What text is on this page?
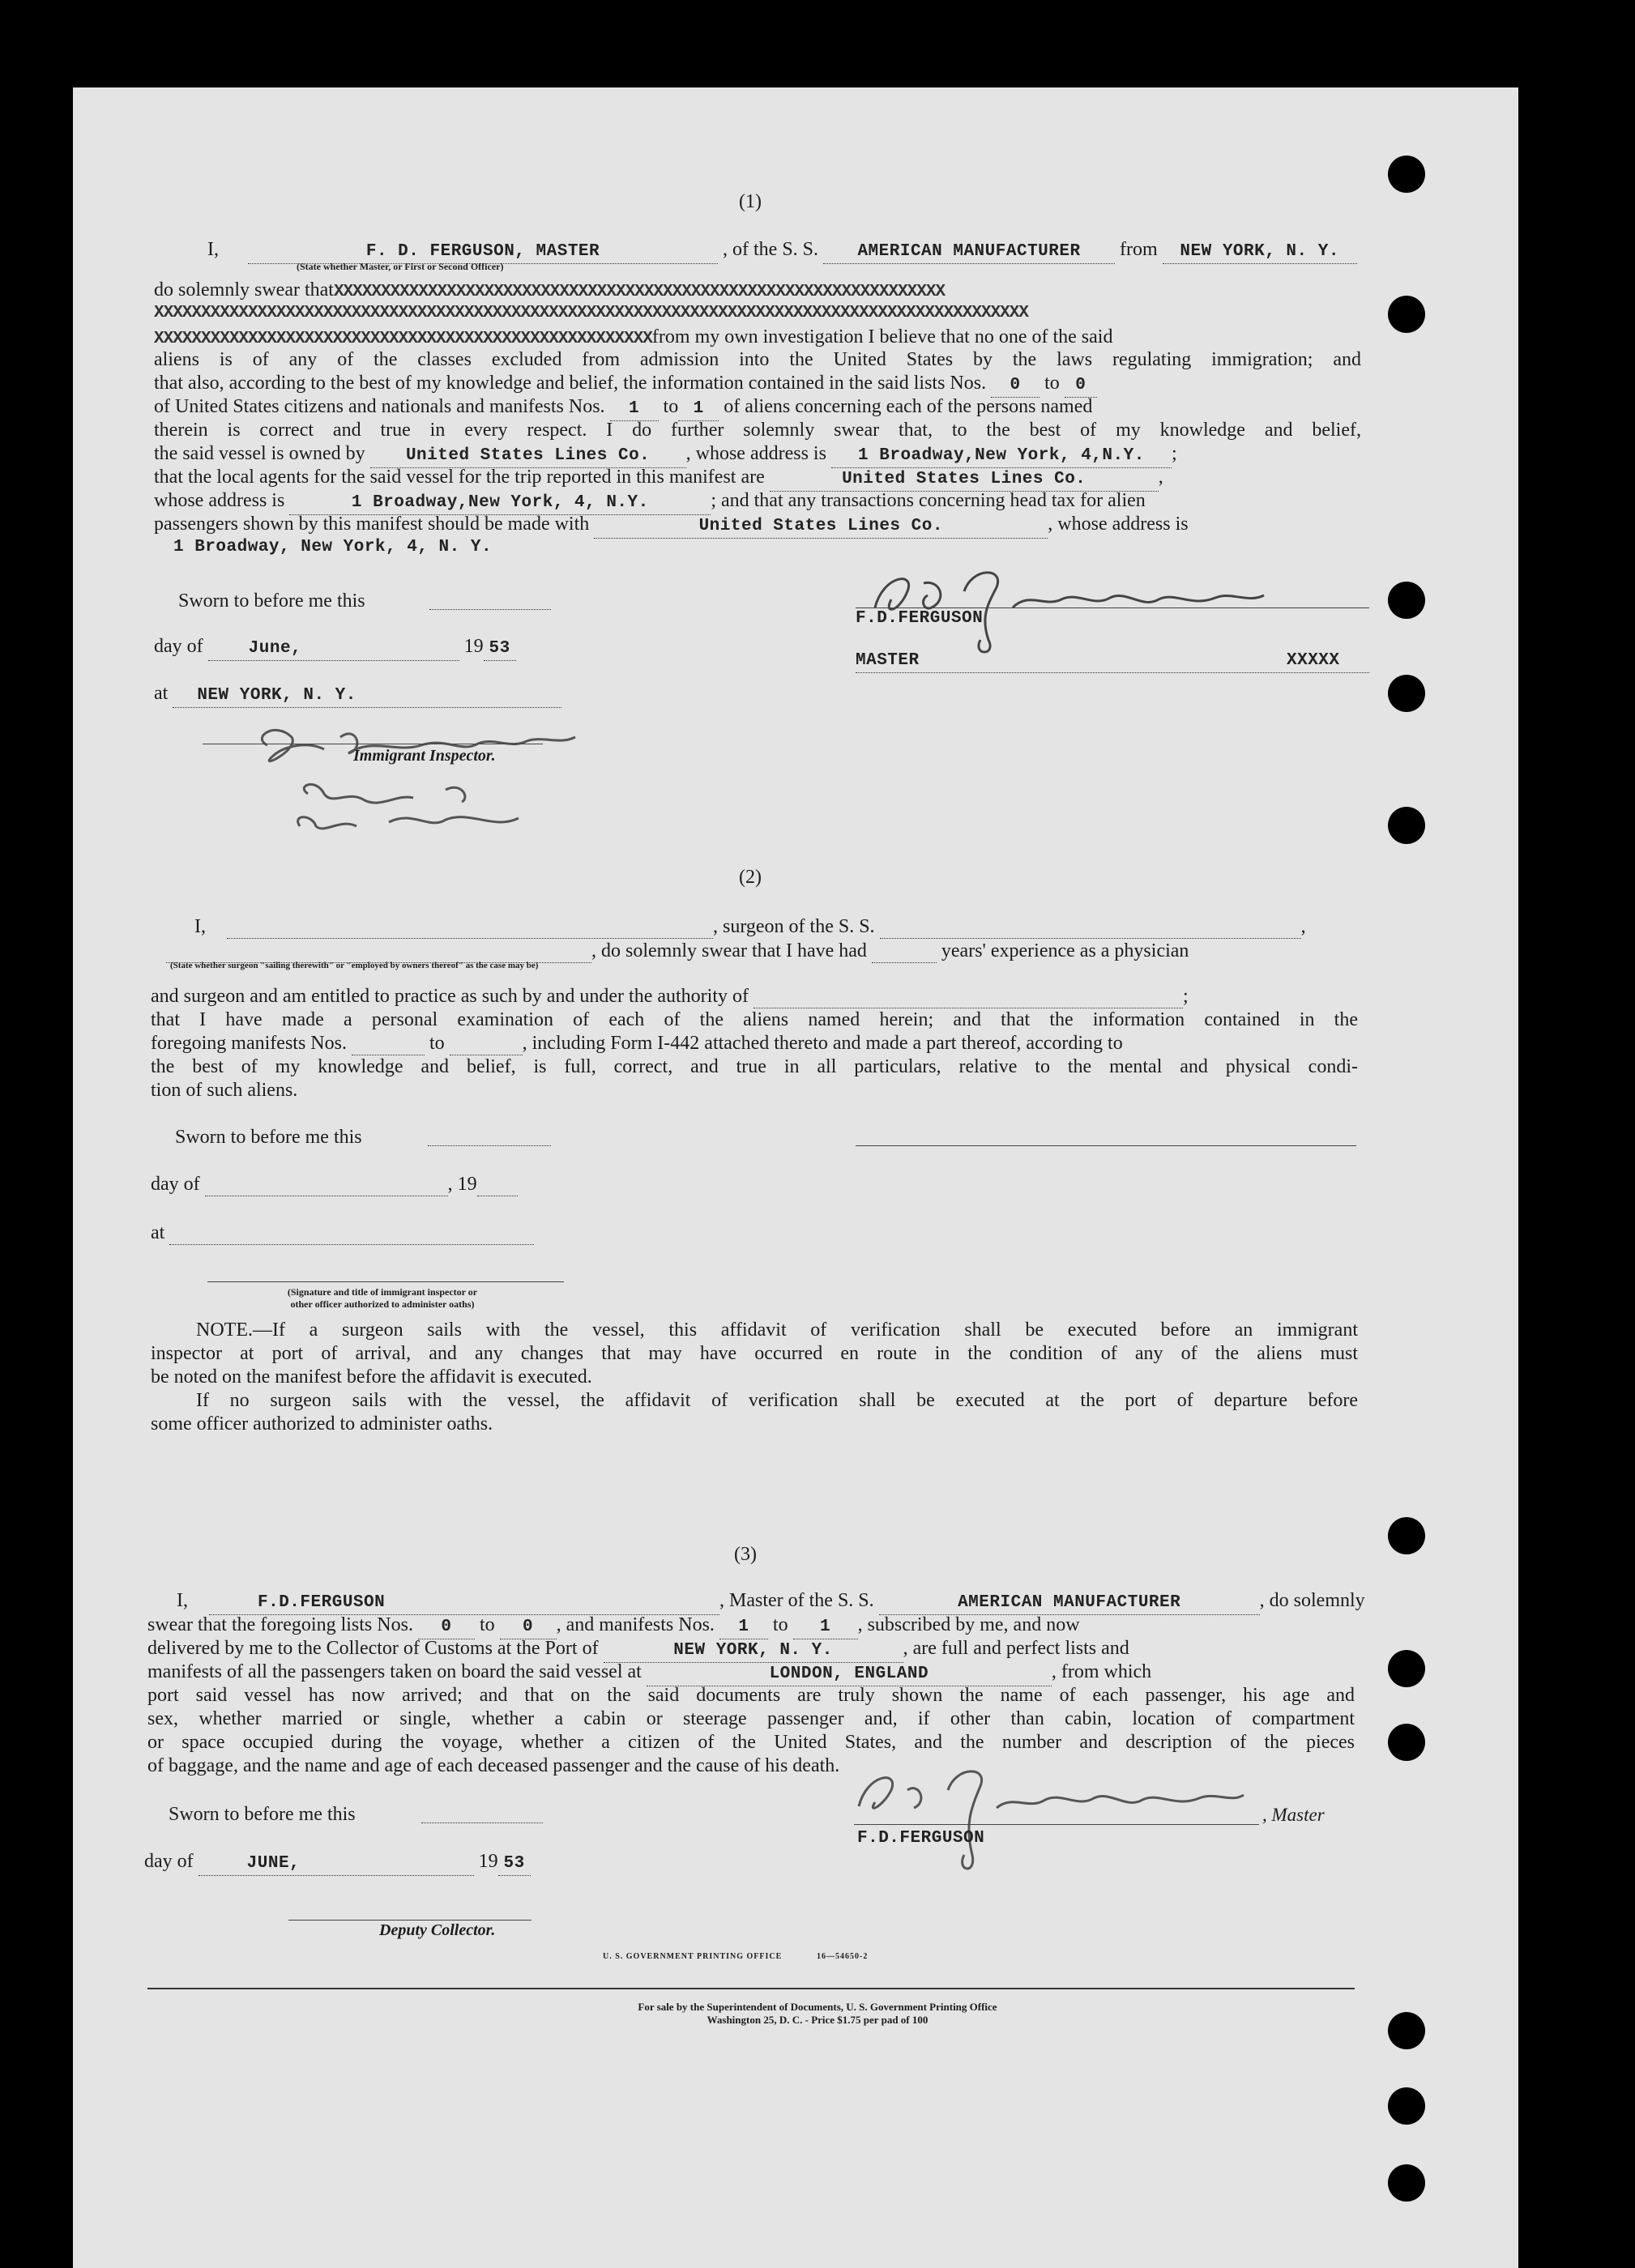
(1)
I,	F. D. FERGUSON, MASTER	, of the S. S. AMERICAN MANUFACTURER from NEW YORK, N. Y.
(State whether Master, or First or Second Officer)
do solemnly swear thatXXXXXXXXXXXXXXXXXXXXXXXXXXXXXXXXXXXXXXXXXXXXXXXXXXXXXXXXXXXXXXXXX
XXXXXXXXXXXXXXXXXXXXXXXXXXXXXXXXXXXXXXXXXXXXXXXXXXXXXXXXXXXXXXXXXXXXXXXXXXXXXXXXXXXXXXXXXXXXX
XXXXXXXXXXXXXXXXXXXXXXXXXXXXXXXXXXXXXXXXXXXXXXXXXXXXXfrom my own investigation I believe that no one of the said
aliens is of any of the classes excluded from admission into the United States by the laws regulating immigration; and
that also, according to the best of my knowledge and belief, the information contained in the said lists Nos. 0 to 0
of United States citizens and nationals and manifests Nos. 1 to 1 of aliens concerning each of the persons named
therein is correct and true in every respect. I do further solemnly swear that, to the best of my knowledge and belief,
the said vessel is owned by United States Lines Co. , whose address is 1 Broadway,New York, 4,N.Y. ;
that the local agents for the said vessel for the trip reported in this manifest are	United States Lines Co.	,
whose address is	1 Broadway,New York, 4, N.Y.	; and that any transactions concerning head tax for alien
passengers shown by this manifest should be made with	United States Lines Co.	, whose address is
1 Broadway, New York, 4, N. Y.
Sworn to before me this
day of	June,	19 53
at NEW YORK, N. Y.
Immigrant Inspector.
F.D.FERGUSON
MASTER	XXXXX
(2)
I,	, surgeon of the S. S.	,
, do solemnly swear that I have had	years' experience as a physician
(State whether surgeon "sailing therewith" or "employed by owners thereof" as the case may be)
and surgeon and am entitled to practice as such by and under the authority of	;
that I have made a personal examination of each of the aliens named herein; and that the information contained in the
foregoing manifests Nos.	to	, including Form I-442 attached thereto and made a part thereof, according to
the best of my knowledge and belief, is full, correct, and true in all particulars, relative to the mental and physical condi-
tion of such aliens.
Sworn to before me this
day of	, 19
at
(Signature and title of immigrant inspector or
other officer authorized to administer oaths)
NOTE.—If a surgeon sails with the vessel, this affidavit of verification shall be executed before an immigrant
inspector at port of arrival, and any changes that may have occurred en route in the condition of any of the aliens must
be noted on the manifest before the affidavit is executed.
If no surgeon sails with the vessel, the affidavit of verification shall be executed at the port of departure before
some officer authorized to administer oaths.
(3)
I,	F.D.FERGUSON	, Master of the S. S.	AMERICAN MANUFACTURER	, do solemnly
swear that the foregoing lists Nos. 0 to 0 , and manifests Nos. 1 to 1 , subscribed by me, and now
delivered by me to the Collector of Customs at the Port of	NEW YORK, N. Y.	, are full and perfect lists and
manifests of all the passengers taken on board the said vessel at	LONDON, ENGLAND	, from which
port said vessel has now arrived; and that on the said documents are truly shown the name of each passenger, his age and
sex, whether married or single, whether a cabin or steerage passenger and, if other than cabin, location of compartment
or space occupied during the voyage, whether a citizen of the United States, and the number and description of the pieces
of baggage, and the name and age of each deceased passenger and the cause of his death.
Sworn to before me this	, Master
F.D.FERGUSON
day of	JUNE,	19 53
Deputy Collector.
U. S. GOVERNMENT PRINTING OFFICE	16—54650-2
For sale by the Superintendent of Documents, U. S. Government Printing Office
Washington 25, D. C. - Price $1.75 per pad of 100
